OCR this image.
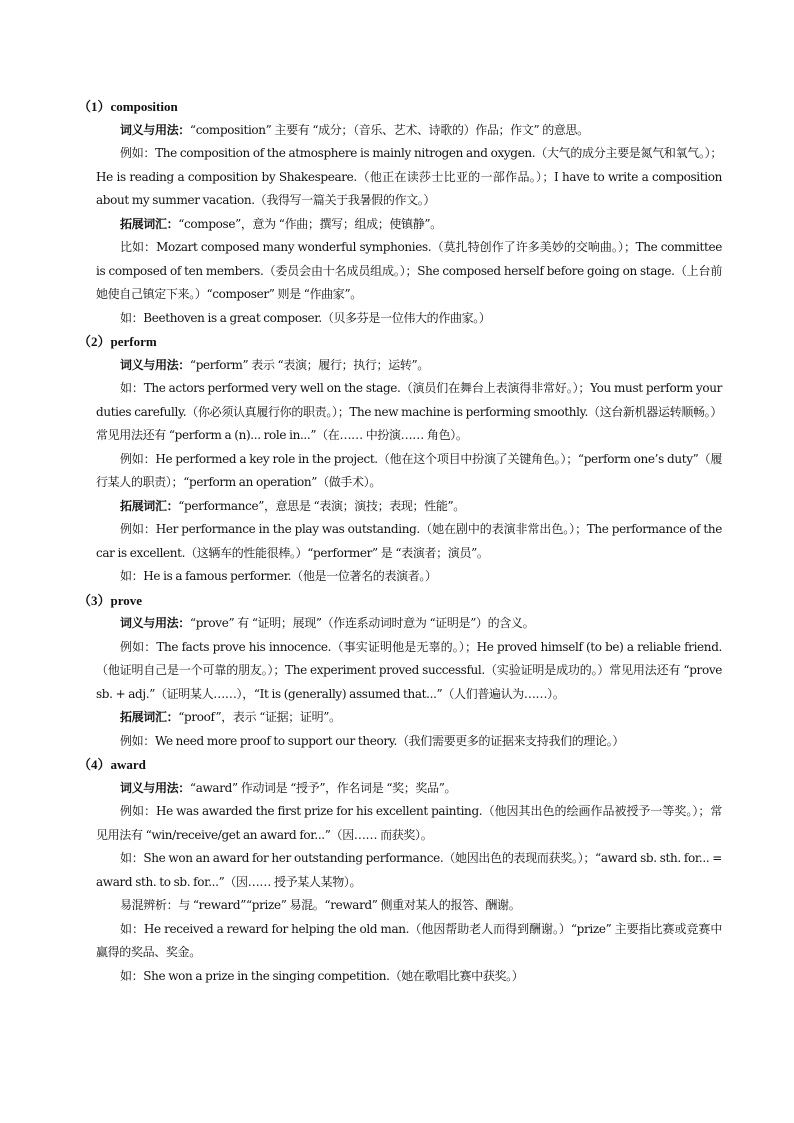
（1）composition
词义与用法：“composition” 主要有 “成分；（音乐、艺术、诗歌的）作品；作文” 的意思。
例如：The composition of the atmosphere is mainly nitrogen and oxygen.（大气的成分主要是氮气和氧气。）；He is reading a composition by Shakespeare.（他正在读莎士比亚的一部作品。）；I have to write a composition about my summer vacation.（我得写一篇关于我暑假的作文。）
拓展词汇：“compose”，意为 “作曲；撰写；组成；使镇静”。
比如：Mozart composed many wonderful symphonies.（莫扎特创作了许多美妙的交响曲。）；The committee is composed of ten members.（委员会由十名成员组成。）；She composed herself before going on stage.（上台前她使自己镇定下来。）“composer” 则是 “作曲家”。
如：Beethoven is a great composer.（贝多芬是一位伟大的作曲家。）
（2）perform
词义与用法：“perform” 表示 “表演；履行；执行；运转”。
如：The actors performed very well on the stage.（演员们在舞台上表演得非常好。）；You must perform your duties carefully.（你必须认真履行你的职责。）；The new machine is performing smoothly.（这台新机器运转顺畅。）常见用法还有 “perform a (n)... role in...”（在…… 中扮演…… 角色）。
例如：He performed a key role in the project.（他在这个项目中扮演了关键角色。）；“perform one’s duty”（履行某人的职责）；“perform an operation”（做手术）。
拓展词汇：“performance”，意思是 “表演；演技；表现；性能”。
例如：Her performance in the play was outstanding.（她在剧中的表演非常出色。）；The performance of the car is excellent.（这辆车的性能很棒。）“performer” 是 “表演者；演员”。
如：He is a famous performer.（他是一位著名的表演者。）
（3）prove
词义与用法：“prove” 有 “证明；展现”（作连系动词时意为 “证明是”）的含义。
例如：The facts prove his innocence.（事实证明他是无辜的。）；He proved himself (to be) a reliable friend.（他证明自己是一个可靠的朋友。）；The experiment proved successful.（实验证明是成功的。）常见用法还有 “prove sb. + adj.”（证明某人……），“It is (generally) assumed that...”（人们普遍认为……）。
拓展词汇：“proof”，表示 “证据；证明”。
例如：We need more proof to support our theory.（我们需要更多的证据来支持我们的理论。）
（4）award
词义与用法：“award” 作动词是 “授予”，作名词是 “奖；奖品”。
例如：He was awarded the first prize for his excellent painting.（他因其出色的绘画作品被授予一等奖。）；常见用法有 “win/receive/get an award for...”（因…… 而获奖）。
如：She won an award for her outstanding performance.（她因出色的表现而获奖。）；“award sb. sth. for... = award sth. to sb. for...”（因…… 授予某人某物）。
易混辨析：与 “reward”“prize” 易混。“reward” 侧重对某人的报答、酬谢。
如：He received a reward for helping the old man.（他因帮助老人而得到酬谢。）“prize” 主要指比赛或竞赛中赢得的奖品、奖金。
如：She won a prize in the singing competition.（她在歌唱比赛中获奖。）
